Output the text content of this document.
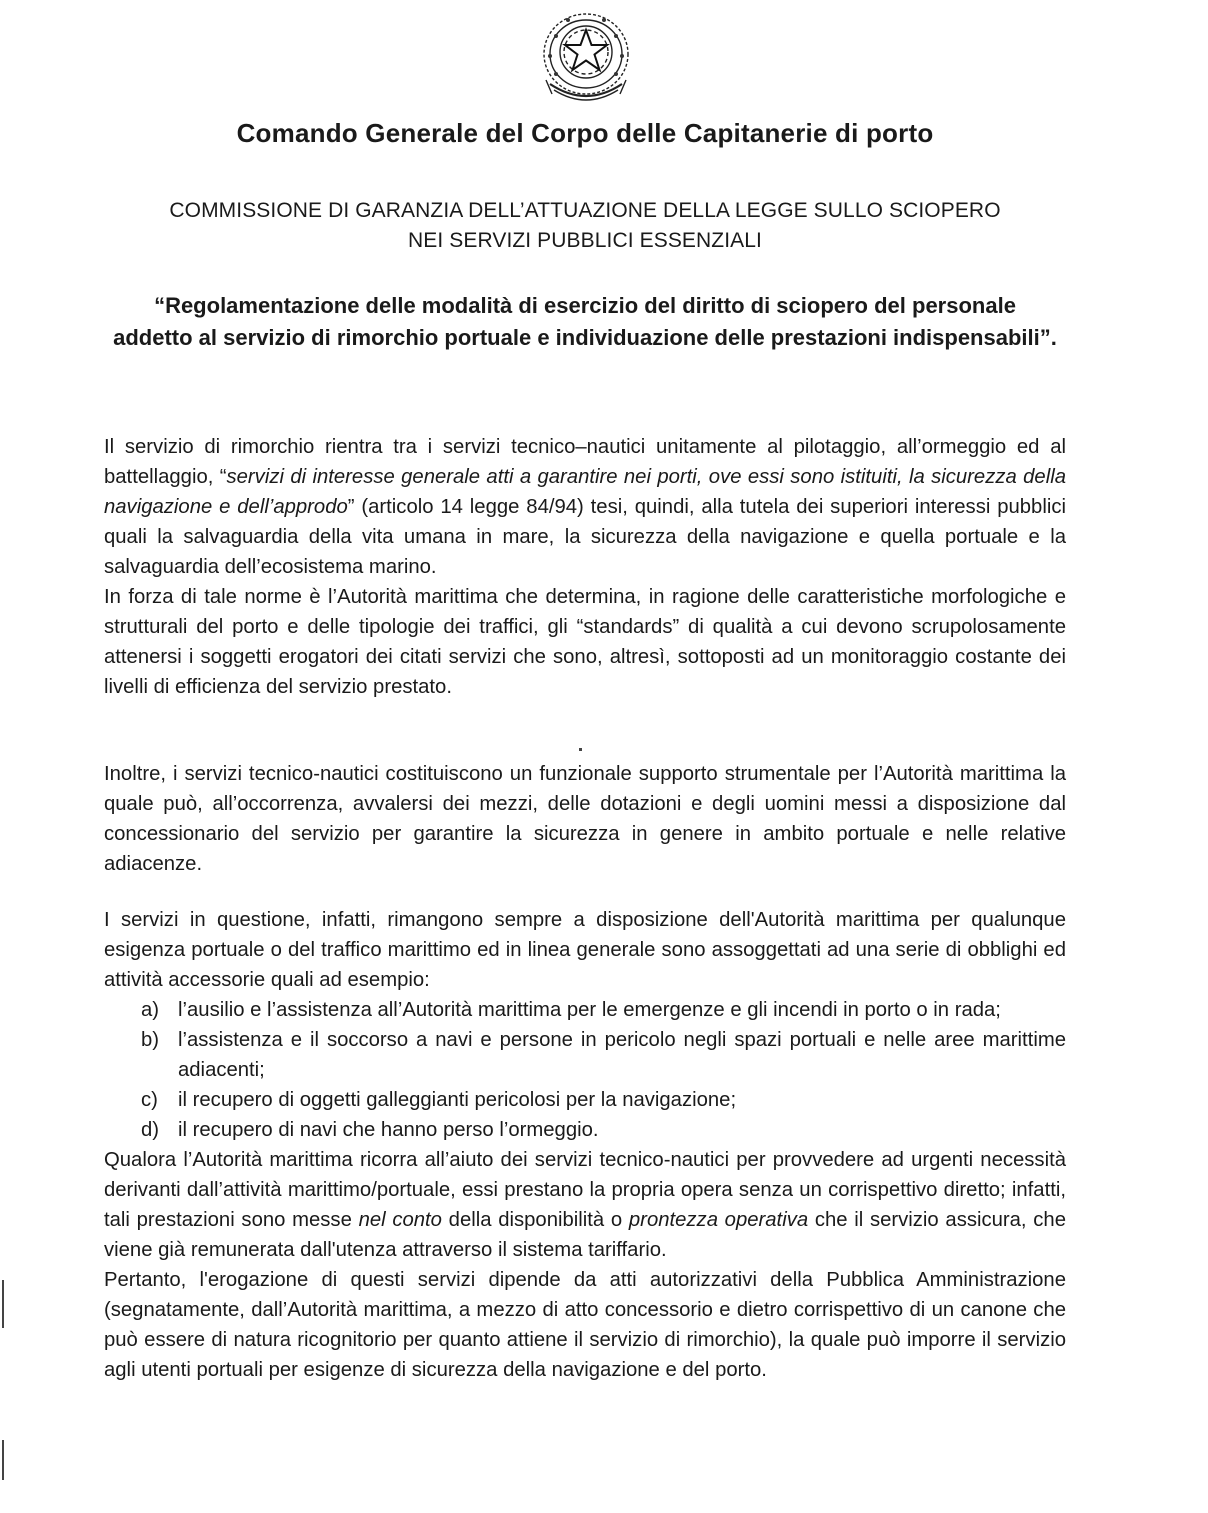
Comando Generale del Corpo delle Capitanerie di porto
COMMISSIONE DI GARANZIA DELL’ATTUAZIONE DELLA LEGGE SULLO SCIOPERO
NEI SERVIZI PUBBLICI ESSENZIALI
“Regolamentazione delle modalità di esercizio del diritto di sciopero del personale addetto al servizio di rimorchio portuale e individuazione delle prestazioni indispensabili”.

Il servizio di rimorchio rientra tra i servizi tecnico–nautici unitamente al pilotaggio, all’ormeggio ed al battellaggio, “servizi di interesse generale atti a garantire nei porti, ove essi sono istituiti, la sicurezza della navigazione e dell’approdo” (articolo 14 legge 84/94) tesi, quindi, alla tutela dei superiori interessi pubblici quali la salvaguardia della vita umana in mare, la sicurezza della navigazione e quella portuale e la salvaguardia dell’ecosistema marino.

In forza di tale norme è l’Autorità marittima che determina, in ragione delle caratteristiche morfologiche e strutturali del porto e delle tipologie dei traffici, gli “standards” di qualità a cui devono scrupolosamente attenersi i soggetti erogatori dei citati servizi che sono, altresì, sottoposti ad un monitoraggio costante dei livelli di efficienza del servizio prestato.

Inoltre, i servizi tecnico-nautici costituiscono un funzionale supporto strumentale per l’Autorità marittima la quale può, all’occorrenza, avvalersi dei mezzi, delle dotazioni e degli uomini messi a disposizione dal concessionario del servizio per garantire la sicurezza in genere in ambito portuale e nelle relative adiacenze.

I servizi in questione, infatti, rimangono sempre a disposizione dell'Autorità marittima per qualunque esigenza portuale o del traffico marittimo ed in linea generale sono assoggettati ad una serie di obblighi ed attività accessorie quali ad esempio:

a) l’ausilio e l’assistenza all’Autorità marittima per le emergenze e gli incendi in porto o in rada;
b) l’assistenza e il soccorso a navi e persone in pericolo negli spazi portuali e nelle aree marittime adiacenti;
c) il recupero di oggetti galleggianti pericolosi per la navigazione;
d) il recupero di navi che hanno perso l’ormeggio.

Qualora l’Autorità marittima ricorra all’aiuto dei servizi tecnico-nautici per provvedere ad urgenti necessità derivanti dall’attività marittimo/portuale, essi prestano la propria opera senza un corrispettivo diretto; infatti, tali prestazioni sono messe nel conto della disponibilità o prontezza operativa che il servizio assicura, che viene già remunerata dall'utenza attraverso il sistema tariffario.

Pertanto, l'erogazione di questi servizi dipende da atti autorizzativi della Pubblica Amministrazione (segnatamente, dall’Autorità marittima, a mezzo di atto concessorio e dietro corrispettivo di un canone che può essere di natura ricognitorio per quanto attiene il servizio di rimorchio), la quale può imporre il servizio agli utenti portuali per esigenze di sicurezza della navigazione e del porto.
